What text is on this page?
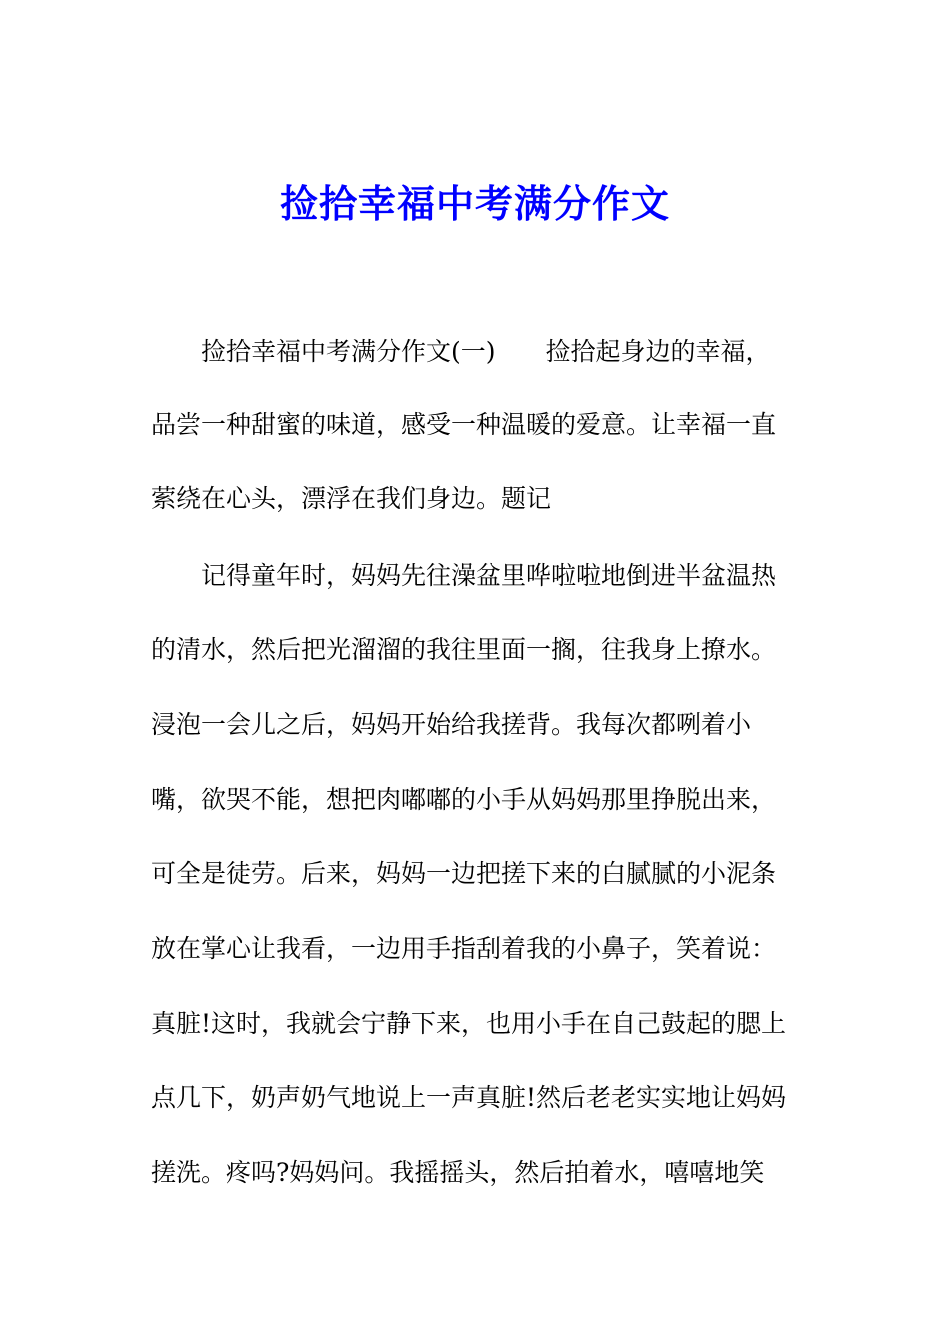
捡拾幸福中考满分作文

捡拾幸福中考满分作文(一)　　捡拾起身边的幸福，

品尝一种甜蜜的味道，感受一种温暖的爱意。让幸福一直

萦绕在心头，漂浮在我们身边。题记

记得童年时，妈妈先往澡盆里哗啦啦地倒进半盆温热

的清水，然后把光溜溜的我往里面一搁，往我身上撩水。

浸泡一会儿之后，妈妈开始给我搓背。我每次都咧着小

嘴，欲哭不能，想把肉嘟嘟的小手从妈妈那里挣脱出来，

可全是徒劳。后来，妈妈一边把搓下来的白腻腻的小泥条

放在掌心让我看，一边用手指刮着我的小鼻子，笑着说：

真脏!这时，我就会宁静下来，也用小手在自己鼓起的腮上

点几下，奶声奶气地说上一声真脏!然后老老实实地让妈妈

搓洗。疼吗?妈妈问。我摇摇头，然后拍着水，嘻嘻地笑
